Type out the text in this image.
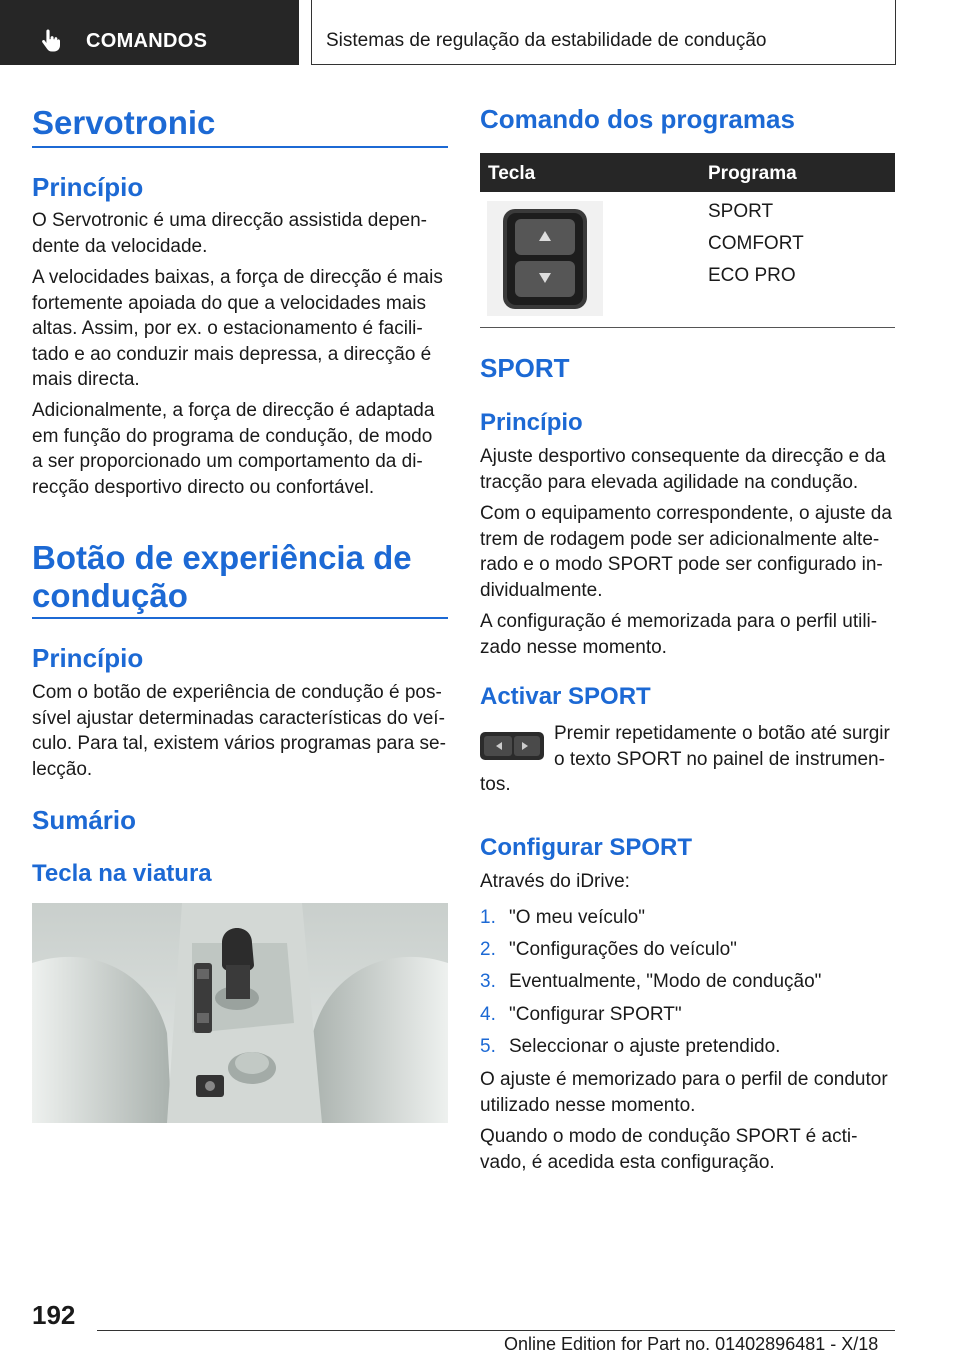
COMANDOS	Sistemas de regulação da estabilidade de condução
Servotronic
Princípio
O Servotronic é uma direcção assistida depen-
dente da velocidade.
A velocidades baixas, a força de direcção é mais
fortemente apoiada do que a velocidades mais
altas. Assim, por ex. o estacionamento é facili-
tado e ao conduzir mais depressa, a direcção é
mais directa.
Adicionalmente, a força de direcção é adaptada
em função do programa de condução, de modo
a ser proporcionado um comportamento da di-
recção desportivo directo ou confortável.
Botão de experiência de
condução
Princípio
Com o botão de experiência de condução é pos-
sível ajustar determinadas características do veí-
culo. Para tal, existem vários programas para se-
lecção.
Sumário
Tecla na viatura
Comando dos programas
Tecla	Programa
SPORT
COMFORT
ECO PRO
SPORT
Princípio
Ajuste desportivo consequente da direcção e da
tracção para elevada agilidade na condução.
Com o equipamento correspondente, o ajuste da
trem de rodagem pode ser adicionalmente alte-
rado e o modo SPORT pode ser configurado in-
dividualmente.
A configuração é memorizada para o perfil utili-
zado nesse momento.
Activar SPORT
Premir repetidamente o botão até surgir
o texto SPORT no painel de instrumen-
tos.
Configurar SPORT
Através do iDrive:
1. "O meu veículo"
2. "Configurações do veículo"
3. Eventualmente, "Modo de condução"
4. "Configurar SPORT"
5. Seleccionar o ajuste pretendido.
O ajuste é memorizado para o perfil de condutor
utilizado nesse momento.
Quando o modo de condução SPORT é acti-
vado, é acedida esta configuração.
192
Online Edition for Part no. 01402896481 - X/18
